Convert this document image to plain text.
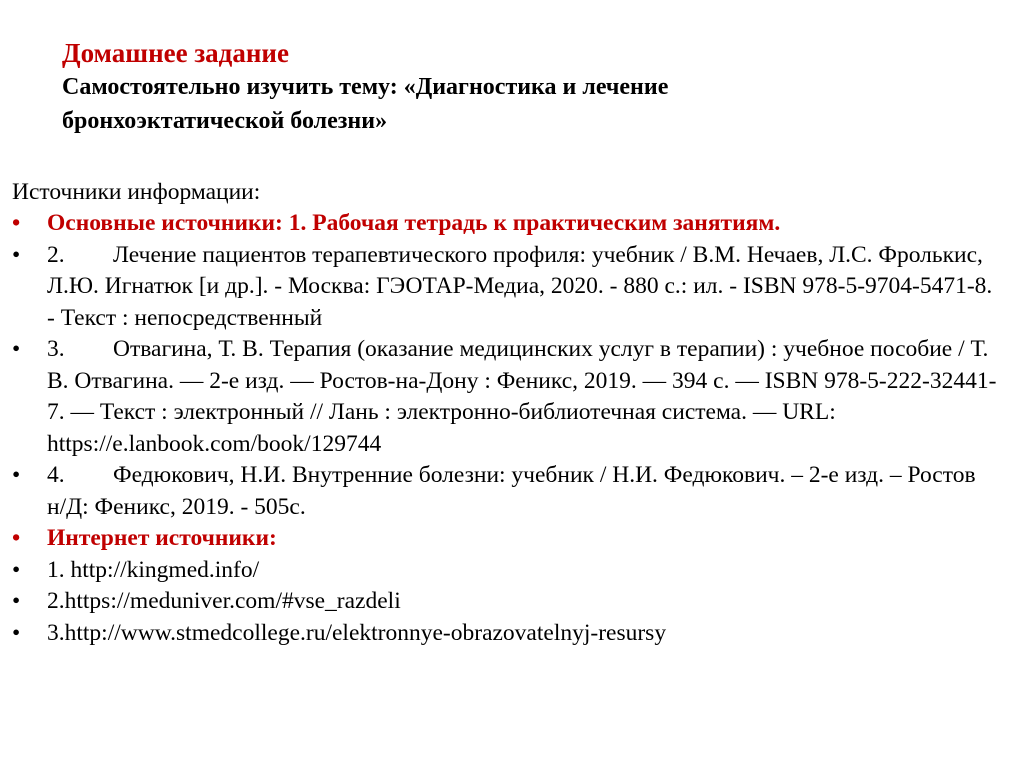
Домашнее задание

Самостоятельно изучить тему: «Диагностика и лечение бронхоэктатической болезни»

Источники информации:

• Основные источники: 1. Рабочая тетрадь к практическим занятиям.
• 2. Лечение пациентов терапевтического профиля: учебник / В.М. Нечаев, Л.С. Фролькис, Л.Ю. Игнатюк [и др.]. - Москва: ГЭОТАР-Медиа, 2020. - 880 с.: ил. - ISBN 978-5-9704-5471-8. - Текст : непосредственный
• 3. Отвагина, Т. В. Терапия (оказание медицинских услуг в терапии) : учебное пособие / Т. В. Отвагина. — 2-е изд. — Ростов-на-Дону : Феникс, 2019. — 394 с. — ISBN 978-5-222-32441-7. — Текст : электронный // Лань : электронно-библиотечная система. — URL: https://e.lanbook.com/book/129744
• 4. Федюкович, Н.И. Внутренние болезни: учебник / Н.И. Федюкович. – 2-е изд. – Ростов н/Д: Феникс, 2019. - 505с.
• Интернет источники:
• 1. http://kingmed.info/
• 2.https://meduniver.com/#vse_razdeli
• 3.http://www.stmedcollege.ru/elektronnye-obrazovatelnyj-resursy
